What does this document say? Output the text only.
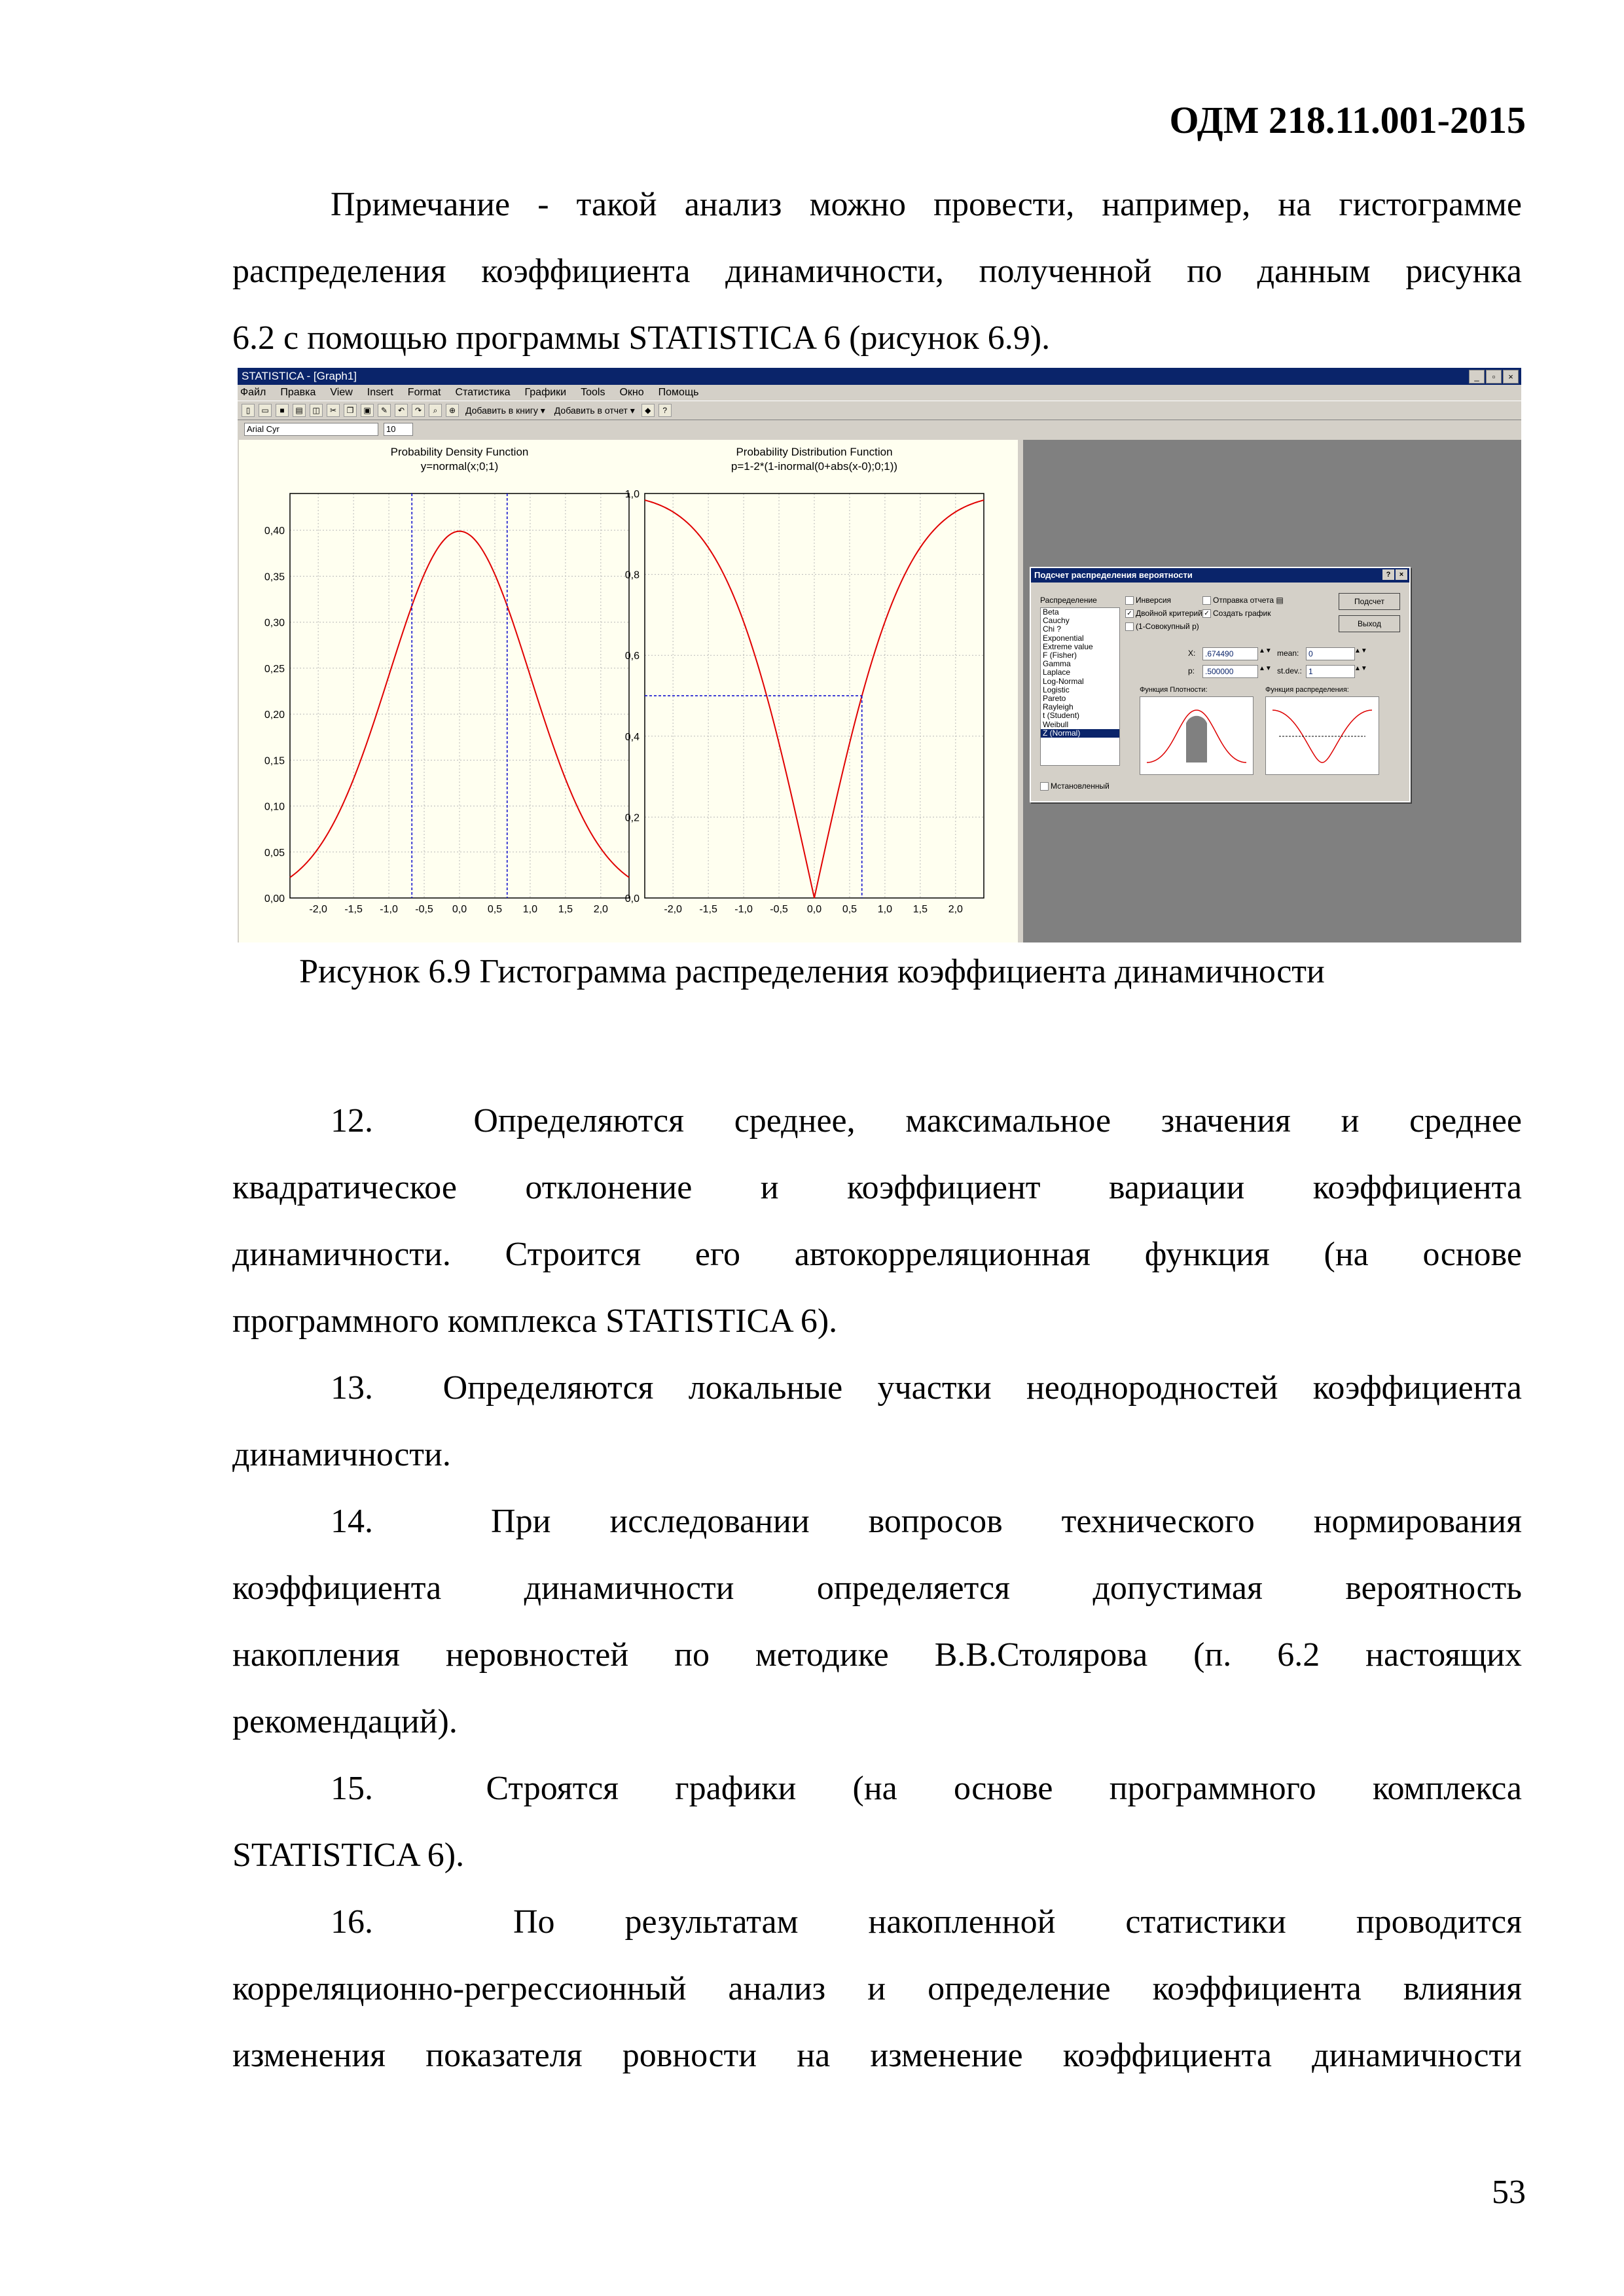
ОДМ 218.11.001-2015

Примечание - такой анализ можно провести, например, на гистограмме

распределения коэффициента динамичности, полученной по данным рисунка

6.2 с помощью программы STATISTICA 6 (рисунок 6.9).

STATISTICA - [Graph1]	_	▫	×
Файл Правка View Insert Format Статистика Графики Tools Окно Помощь
▯	▭	■	▤	◫	✂	❐	▣	✎	↶	↷	⌕	⊕	Добавить в книгу ▾ Добавить в отчет ▾	◆	?
Arial Cyr	10
Probability Density Function
y=normal(x;0;1)
Probability Distribution Function
p=1-2*(1-inormal(0+abs(x-0);0;1))
0,00
0,05
0,10
0,15
0,20
0,25
0,30
0,35
0,40
-2,0 -1,5 -1,0 -0,5 0,0 0,5 1,0 1,5 2,0
0,0
0,2
0,4
0,6
0,8
1,0
-2,0 -1,5 -1,0 -0,5 0,0 0,5 1,0 1,5 2,0
Подсчет распределения вероятности	?	×
Распределение
Beta
Cauchy
Chi ?
Exponential
Extreme value
F (Fisher)
Gamma
Laplace
Log-Normal
Logistic
Pareto
Rayleigh
t (Student)
Weibull
Z (Normal)
Инверсия	Отправка отчета ▤
✓ Двойной критерий ✓ Создать график
(1-Совокупный р)
Подсчет
Выход
X:	.674490	▲▼
p:	.500000	▲▼
mean:	0	▲▼
st.dev.: 1	▲▼
Функция Плотности:	Функция распределения:
Мстановленный
Рисунок 6.9 Гистограмма распределения коэффициента динамичности

12.	Определяются среднее, максимальное значения и среднее

квадратическое отклонение и коэффициент вариации коэффициента

динамичности. Строится его автокорреляционная функция (на основе

программного комплекса STATISTICA 6).

13. Определяются локальные участки неоднородностей коэффициента

динамичности.

14.	При исследовании вопросов технического нормирования

коэффициента динамичности определяется допустимая вероятность

накопления неровностей по методике В.В.Столярова (п. 6.2 настоящих

рекомендаций).

15.	Строятся графики (на основе программного комплекса

STATISTICA 6).

16.	По результатам накопленной статистики проводится

корреляционно-регрессионный анализ и определение коэффициента влияния

изменения показателя ровности на изменение коэффициента динамичности

53
